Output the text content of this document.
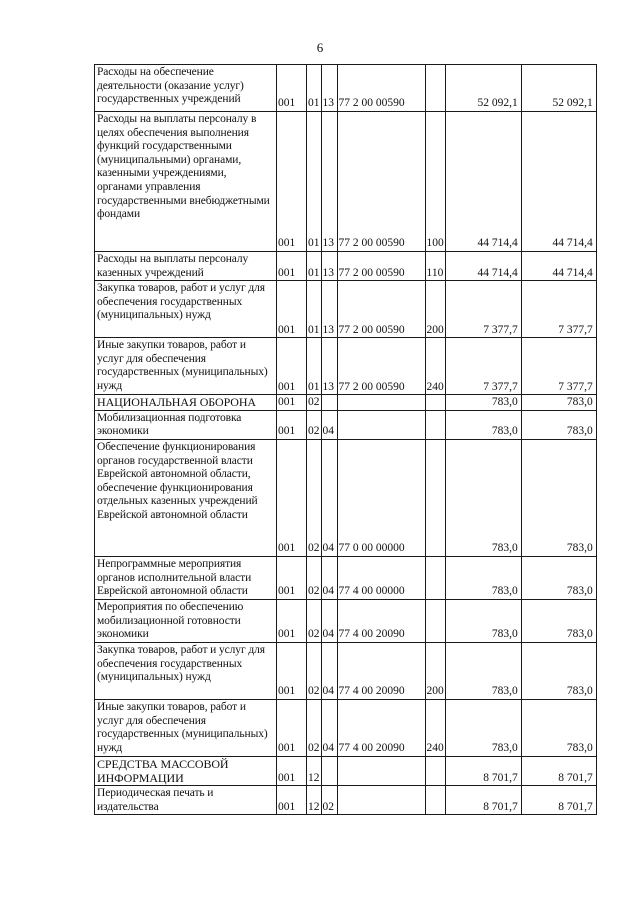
6
Расходы на обеспечение деятельности (оказание услуг) государственных учреждений	001	01	13	77 2 00 00590		52 092,1	52 092,1
Расходы на выплаты персоналу в целях обеспечения выполнения функций государственными (муниципальными) органами, казенными учреждениями, органами управления государственными внебюджетными фондами	001	01	13	77 2 00 00590	100	44 714,4	44 714,4
Расходы на выплаты персоналу казенных учреждений	001	01	13	77 2 00 00590	110	44 714,4	44 714,4
Закупка товаров, работ и услуг для обеспечения государственных (муниципальных) нужд	001	01	13	77 2 00 00590	200	7 377,7	7 377,7
Иные закупки товаров, работ и услуг для обеспечения государственных (муниципальных) нужд	001	01	13	77 2 00 00590	240	7 377,7	7 377,7
НАЦИОНАЛЬНАЯ ОБОРОНА	001	02				783,0	783,0
Мобилизационная подготовка экономики	001	02	04			783,0	783,0
Обеспечение функционирования органов государственной власти Еврейской автономной области, обеспечение функционирования отдельных казенных учреждений Еврейской автономной области	001	02	04	77 0 00 00000		783,0	783,0
Непрограммные мероприятия органов исполнительной власти Еврейской автономной области	001	02	04	77 4 00 00000		783,0	783,0
Мероприятия по обеспечению мобилизационной готовности экономики	001	02	04	77 4 00 20090		783,0	783,0
Закупка товаров, работ и услуг для обеспечения государственных (муниципальных) нужд	001	02	04	77 4 00 20090	200	783,0	783,0
Иные закупки товаров, работ и услуг для обеспечения государственных (муниципальных) нужд	001	02	04	77 4 00 20090	240	783,0	783,0
СРЕДСТВА МАССОВОЙ ИНФОРМАЦИИ	001	12				8 701,7	8 701,7
Периодическая печать и издательства	001	12	02			8 701,7	8 701,7
